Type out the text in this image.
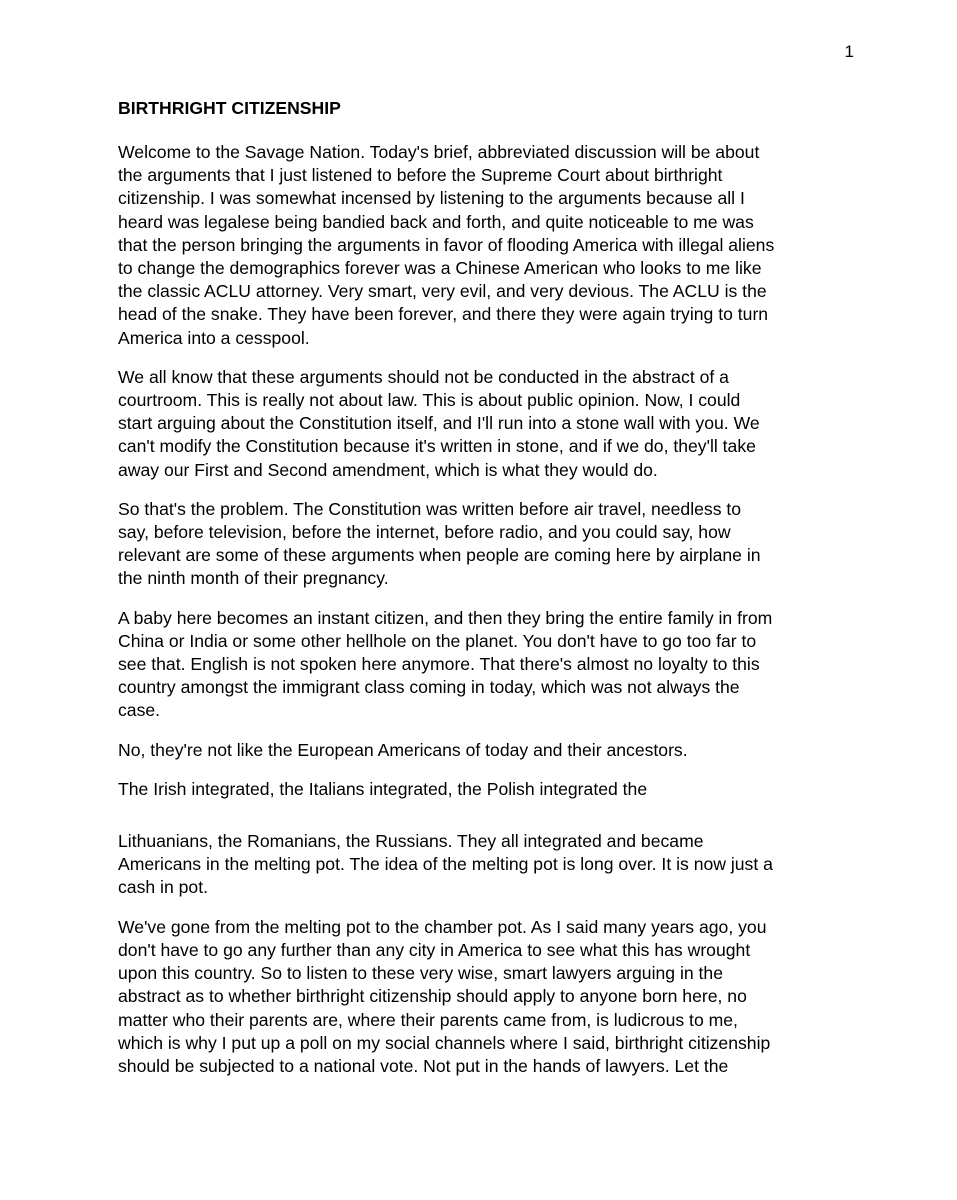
1
BIRTHRIGHT CITIZENSHIP

Welcome to the Savage Nation. Today's brief, abbreviated discussion will be about
the arguments that I just listened to before the Supreme Court about birthright
citizenship. I was somewhat incensed by listening to the arguments because all I
heard was legalese being bandied back and forth, and quite noticeable to me was
that the person bringing the arguments in favor of flooding America with illegal aliens
to change the demographics forever was a Chinese American who looks to me like
the classic ACLU attorney. Very smart, very evil, and very devious. The ACLU is the
head of the snake. They have been forever, and there they were again trying to turn
America into a cesspool.

We all know that these arguments should not be conducted in the abstract of a
courtroom. This is really not about law. This is about public opinion. Now, I could
start arguing about the Constitution itself, and I'll run into a stone wall with you. We
can't modify the Constitution because it's written in stone, and if we do, they'll take
away our First and Second amendment, which is what they would do.

So that's the problem. The Constitution was written before air travel, needless to
say, before television, before the internet, before radio, and you could say, how
relevant are some of these arguments when people are coming here by airplane in
the ninth month of their pregnancy.

A baby here becomes an instant citizen, and then they bring the entire family in from
China or India or some other hellhole on the planet. You don't have to go too far to
see that. English is not spoken here anymore. That there's almost no loyalty to this
country amongst the immigrant class coming in today, which was not always the
case.

No, they're not like the European Americans of today and their ancestors.

The Irish integrated, the Italians integrated, the Polish integrated the

Lithuanians, the Romanians, the Russians. They all integrated and became
Americans in the melting pot. The idea of the melting pot is long over. It is now just a
cash in pot.

We've gone from the melting pot to the chamber pot. As I said many years ago, you
don't have to go any further than any city in America to see what this has wrought
upon this country. So to listen to these very wise, smart lawyers arguing in the
abstract as to whether birthright citizenship should apply to anyone born here, no
matter who their parents are, where their parents came from, is ludicrous to me,
which is why I put up a poll on my social channels where I said, birthright citizenship
should be subjected to a national vote. Not put in the hands of lawyers. Let the
